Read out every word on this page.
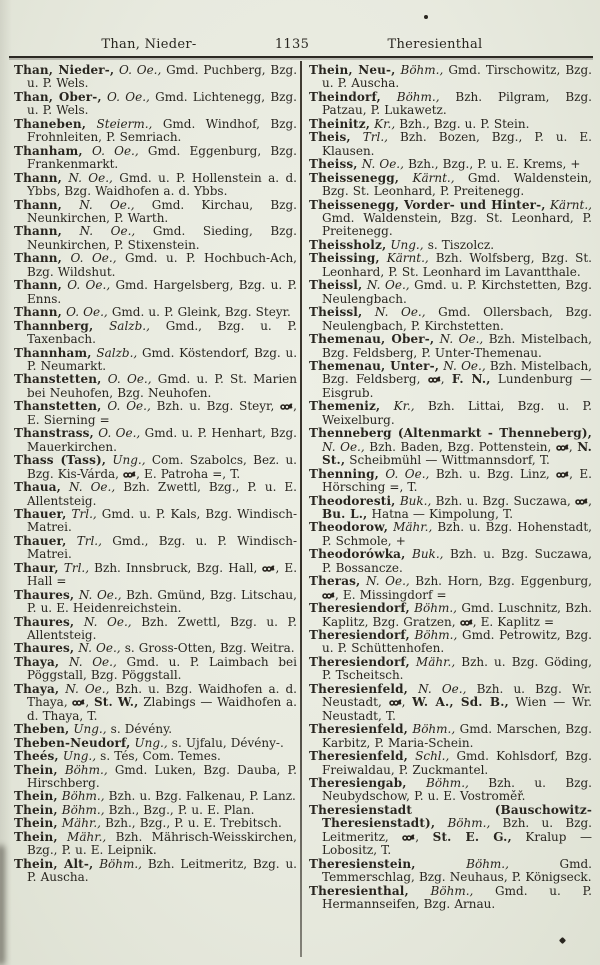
Than, Nieder-	1135	Theresienthal
Than, Nieder-, O. Oe., Gmd. Puchberg, Bzg. u. P. Wels.
Than, Ober-, O. Oe., Gmd. Lichtenegg, Bzg. u. P. Wels.
Thaneben, Steierm., Gmd. Windhof, Bzg. Frohnleiten, P. Semriach.
Thanham, O. Oe., Gmd. Eggenburg, Bzg. Frankenmarkt.
Thann, N. Oe., Gmd. u. P. Hollenstein a. d. Ybbs, Bzg. Waidhofen a. d. Ybbs.
Thann, N. Oe., Gmd. Kirchau, Bzg. Neunkirchen, P. Warth.
Thann, N. Oe., Gmd. Sieding, Bzg. Neunkirchen, P. Stixenstein.
Thann, O. Oe., Gmd. u. P. Hochbuch-Ach, Bzg. Wildshut.
Thann, O. Oe., Gmd. Hargelsberg, Bzg. u. P. Enns.
Thann, O. Oe., Gmd. u. P. Gleink, Bzg. Steyr.
Thannberg, Salzb., Gmd., Bzg. u. P. Taxenbach.
Thannham, Salzb., Gmd. Köstendorf, Bzg. u. P. Neumarkt.
Thanstetten, O. Oe., Gmd. u. P. St. Marien bei Neuhofen, Bzg. Neuhofen.
Thanstetten, O. Oe., Bzh. u. Bzg. Steyr, , E. Sierning =
Thanstrass, O. Oe., Gmd. u. P. Henhart, Bzg. Mauerkirchen.
Thass (Tass), Ung., Com. Szabolcs, Bez. u. Bzg. Kis-Várda, , E. Patroha =, T.
Thaua, N. Oe., Bzh. Zwettl, Bzg., P. u. E. Allentsteig.
Thauer, Trl., Gmd. u. P. Kals, Bzg. Windisch-Matrei.
Thauer, Trl., Gmd., Bzg. u. P. Windisch-Matrei.
Thaur, Trl., Bzh. Innsbruck, Bzg. Hall, , E. Hall =
Thaures, N. Oe., Bzh. Gmünd, Bzg. Litschau, P. u. E. Heidenreichstein.
Thaures, N. Oe., Bzh. Zwettl, Bzg. u. P. Allentsteig.
Thaures, N. Oe., s. Gross-Otten, Bzg. Weitra.
Thaya, N. Oe., Gmd. u. P. Laimbach bei Pöggstall, Bzg. Pöggstall.
Thaya, N. Oe., Bzh. u. Bzg. Waidhofen a. d. Thaya, , St. W., Zlabings — Waidhofen a. d. Thaya, T.
Theben, Ung., s. Dévény.
Theben-Neudorf, Ung., s. Ujfalu, Dévény-.
Theés, Ung., s. Tés, Com. Temes.
Thein, Böhm., Gmd. Luken, Bzg. Dauba, P. Hirschberg.
Thein, Böhm., Bzh. u. Bzg. Falkenau, P. Lanz.
Thein, Böhm., Bzh., Bzg., P. u. E. Plan.
Thein, Mähr., Bzh., Bzg., P. u. E. Trebitsch.
Thein, Mähr., Bzh. Mährisch-Weisskirchen, Bzg., P. u. E. Leipnik.
Thein, Alt-, Böhm., Bzh. Leitmeritz, Bzg. u. P. Auscha.
Thein, Neu-, Böhm., Gmd. Tirschowitz, Bzg. u. P. Auscha.
Theindorf, Böhm., Bzh. Pilgram, Bzg. Patzau, P. Lukawetz.
Theinitz, Kr., Bzh., Bzg. u. P. Stein.
Theis, Trl., Bzh. Bozen, Bzg., P. u. E. Klausen.
Theiss, N. Oe., Bzh., Bzg., P. u. E. Krems, +
Theissenegg, Kärnt., Gmd. Waldenstein, Bzg. St. Leonhard, P. Preitenegg.
Theissenegg, Vorder- und Hinter-, Kärnt., Gmd. Waldenstein, Bzg. St. Leonhard, P. Preitenegg.
Theissholz, Ung., s. Tiszolcz.
Theissing, Kärnt., Bzh. Wolfsberg, Bzg. St. Leonhard, P. St. Leonhard im Lavantthale.
Theissl, N. Oe., Gmd. u. P. Kirchstetten, Bzg. Neulengbach.
Theissl, N. Oe., Gmd. Ollersbach, Bzg. Neulengbach, P. Kirchstetten.
Themenau, Ober-, N. Oe., Bzh. Mistelbach, Bzg. Feldsberg, P. Unter-Themenau.
Themenau, Unter-, N. Oe., Bzh. Mistelbach, Bzg. Feldsberg, , F. N., Lundenburg — Eisgrub.
Themeniz, Kr., Bzh. Littai, Bzg. u. P. Weixelburg.
Thenneberg (Altenmarkt - Thenneberg), N. Oe., Bzh. Baden, Bzg. Pottenstein, , N. St., Scheibmühl — Wittmannsdorf, T.
Thenning, O. Oe., Bzh. u. Bzg. Linz, , E. Hörsching =, T.
Theodoresti, Buk., Bzh. u. Bzg. Suczawa, , Bu. L., Hatna — Kimpolung, T.
Theodorow, Mähr., Bzh. u. Bzg. Hohenstadt, P. Schmole, +
Theodorówka, Buk., Bzh. u. Bzg. Suczawa, P. Bossancze.
Theras, N. Oe., Bzh. Horn, Bzg. Eggenburg, , E. Missingdorf =
Theresiendorf, Böhm., Gmd. Luschnitz, Bzh. Kaplitz, Bzg. Gratzen, , E. Kaplitz =
Theresiendorf, Böhm., Gmd. Petrowitz, Bzg. u. P. Schüttenhofen.
Theresiendorf, Mähr., Bzh. u. Bzg. Göding, P. Tscheitsch.
Theresienfeld, N. Oe., Bzh. u. Bzg. Wr. Neustadt, , W. A., Sd. B., Wien — Wr. Neustadt, T.
Theresienfeld, Böhm., Gmd. Marschen, Bzg. Karbitz, P. Maria-Schein.
Theresienfeld, Schl., Gmd. Kohlsdorf, Bzg. Freiwaldau, P. Zuckmantel.
Theresiengab, Böhm., Bzh. u. Bzg. Neubydschow, P. u. E. Vostroměř.
Theresienstadt (Bauschowitz-Theresienstadt), Böhm., Bzh. u. Bzg. Leitmeritz, , St. E. G., Kralup — Lobositz, T.
Theresienstein, Böhm., Gmd. Temmerschlag, Bzg. Neuhaus, P. Königseck.
Theresienthal, Böhm., Gmd. u. P. Hermannseifen, Bzg. Arnau.
